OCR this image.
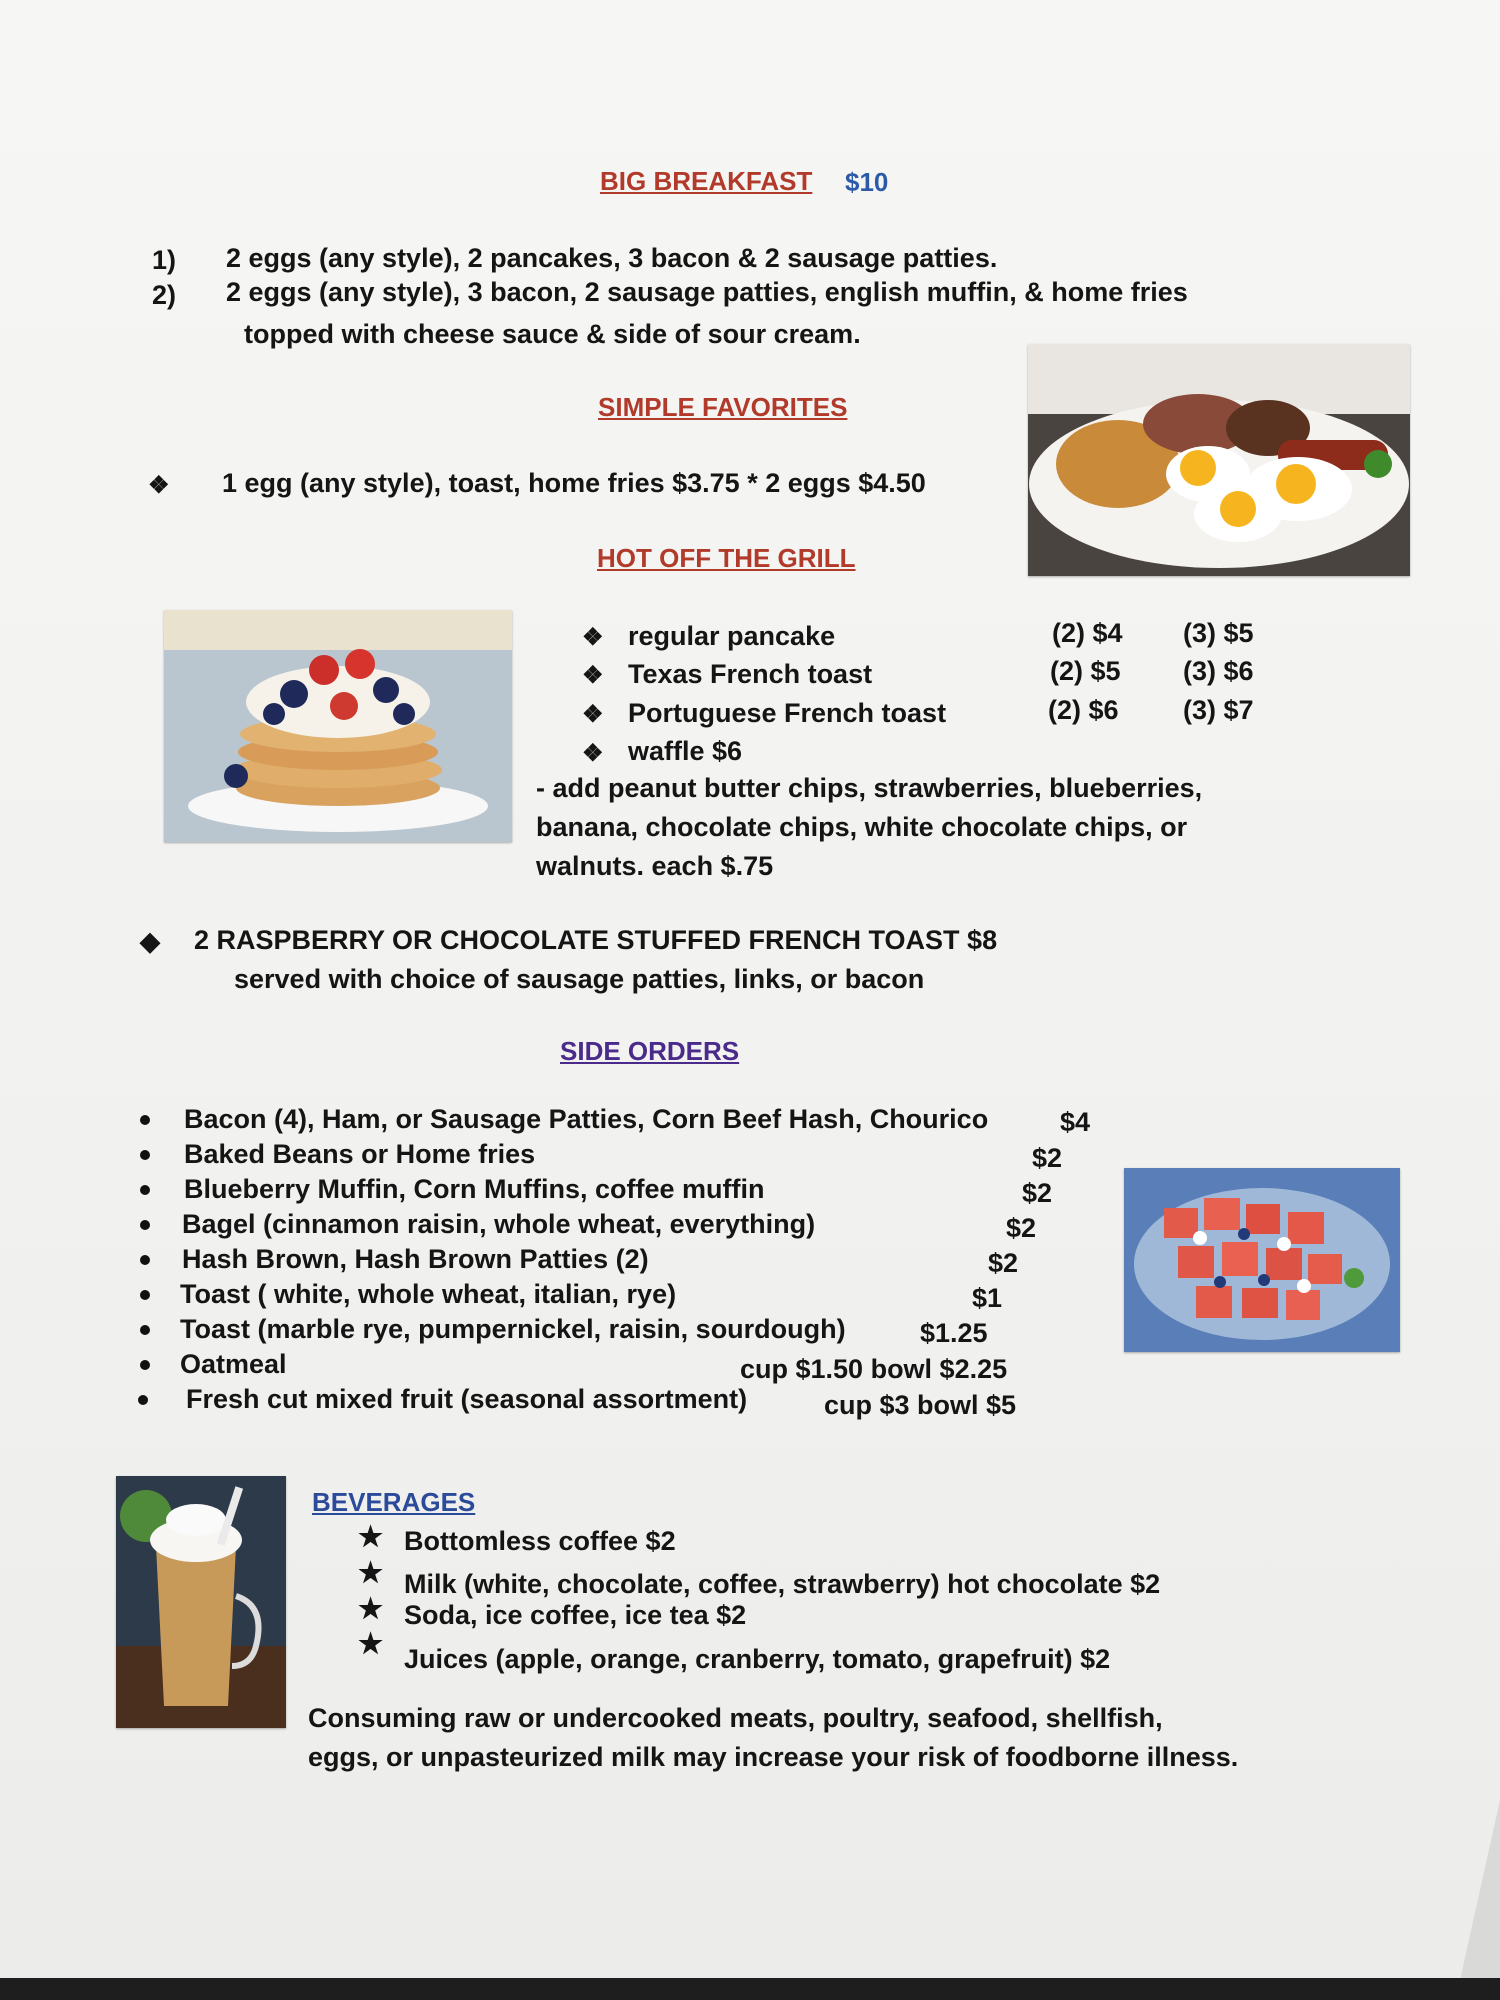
BIG BREAKFAST $10
1) 2 eggs (any style), 2 pancakes, 3 bacon & 2 sausage patties.
2) 2 eggs (any style), 3 bacon, 2 sausage patties, english muffin, & home fries
topped with cheese sauce & side of sour cream.
SIMPLE FAVORITES
❖ 1 egg (any style), toast, home fries $3.75 * 2 eggs $4.50
HOT OFF THE GRILL
❖ regular pancake	(2) $4 (3) $5
❖ Texas French toast	(2) $5 (3) $6
❖ Portuguese French toast	(2) $6 (3) $7
❖ waffle $6
- add peanut butter chips, strawberries, blueberries,
banana, chocolate chips, white chocolate chips, or
walnuts. each $.75
◆ 2 RASPBERRY OR CHOCOLATE STUFFED FRENCH TOAST $8
served with choice of sausage patties, links, or bacon
SIDE ORDERS
Bacon (4), Ham, or Sausage Patties, Corn Beef Hash, Chourico	$4
Baked Beans or Home fries	$2
Blueberry Muffin, Corn Muffins, coffee muffin	$2
Bagel (cinnamon raisin, whole wheat, everything)	$2
Hash Brown, Hash Brown Patties (2)	$2
Toast ( white, whole wheat, italian, rye)	$1
Toast (marble rye, pumpernickel, raisin, sourdough)	$1.25
Oatmeal	cup $1.50 bowl $2.25
Fresh cut mixed fruit (seasonal assortment)	cup $3 bowl $5
BEVERAGES
★ Bottomless coffee $2
★ Milk (white, chocolate, coffee, strawberry) hot chocolate $2
★ Soda, ice coffee, ice tea $2
★ Juices (apple, orange, cranberry, tomato, grapefruit) $2
Consuming raw or undercooked meats, poultry, seafood, shellfish,
eggs, or unpasteurized milk may increase your risk of foodborne illness.
